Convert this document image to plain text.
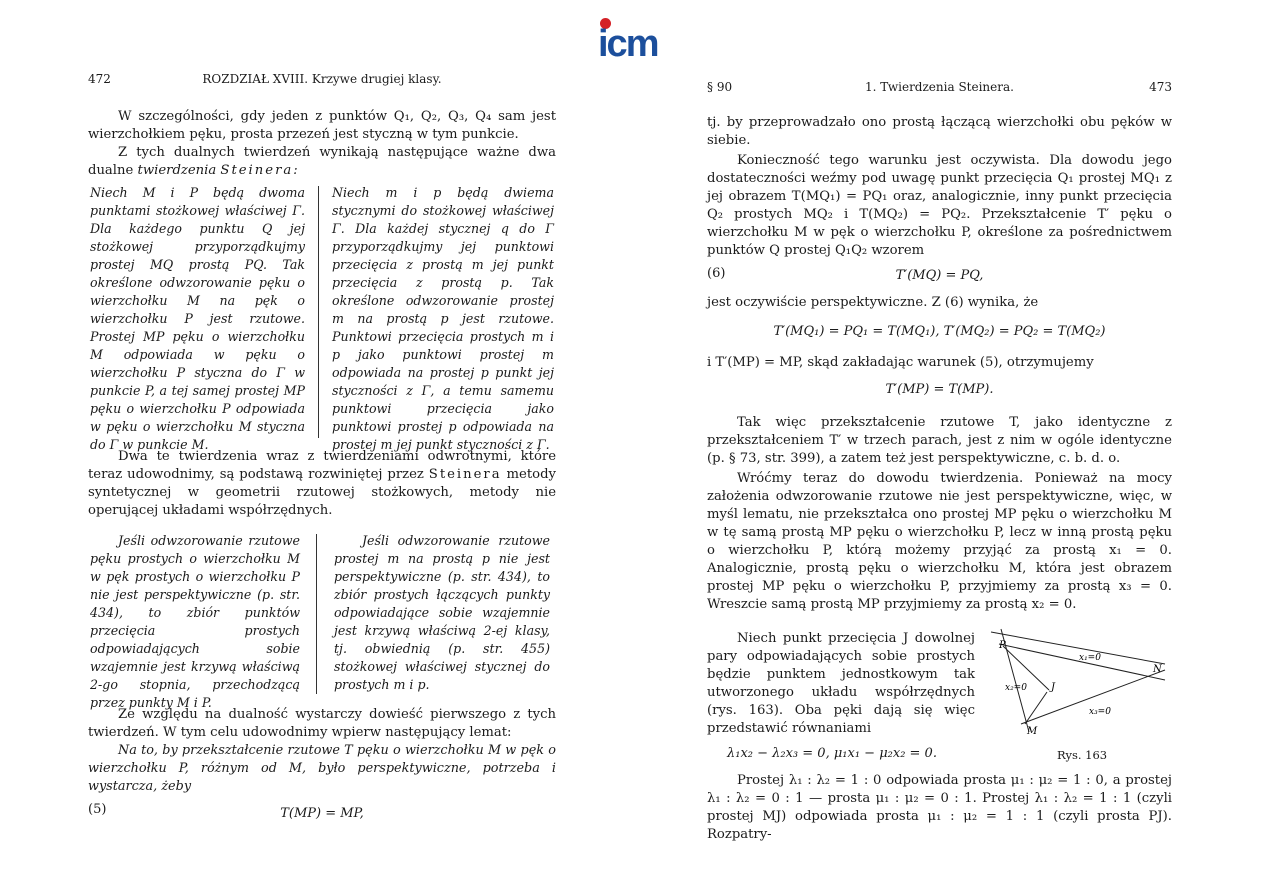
icm
472	ROZDZIAŁ XVIII. Krzywe drugiej klasy.
W szczególności, gdy jeden z punktów Q₁, Q₂, Q₃, Q₄ sam jest wierzchołkiem pęku, prosta przezeń jest styczną w tym punkcie.
Z tych dualnych twierdzeń wynikają następujące ważne dwa dualne twierdzenia Steinera:
Niech M i P będą dwoma punktami stożkowej właściwej Γ. Dla każdego punktu Q jej stożkowej przyporządkujmy prostej MQ prostą PQ. Tak określone odwzorowanie pęku o wierzchołku M na pęk o wierzchołku P jest rzutowe. Prostej MP pęku o wierzchołku M odpowiada w pęku o wierzchołku P styczna do Γ w punkcie P, a tej samej prostej MP pęku o wierzchołku P odpowiada w pęku o wierzchołku M styczna do Γ w punkcie M.
Niech m i p będą dwiema stycznymi do stożkowej właściwej Γ. Dla każdej stycznej q do Γ przyporządkujmy jej punktowi przecięcia z prostą m jej punkt przecięcia z prostą p. Tak określone odwzorowanie prostej m na prostą p jest rzutowe. Punktowi przecięcia prostych m i p jako punktowi prostej m odpowiada na prostej p punkt jej styczności z Γ, a temu samemu punktowi przecięcia jako punktowi prostej p odpowiada na prostej m jej punkt styczności z Γ.
Dwa te twierdzenia wraz z twierdzeniami odwrotnymi, które teraz udowodnimy, są podstawą rozwiniętej przez Steinera metody syntetycznej w geometrii rzutowej stożkowych, metody nie operującej układami współrzędnych.
Jeśli odwzorowanie rzutowe pęku prostych o wierzchołku M w pęk prostych o wierzchołku P nie jest perspektywiczne (p. str. 434), to zbiór punktów przecięcia prostych odpowiadających sobie wzajemnie jest krzywą właściwą 2-go stopnia, przechodzącą przez punkty M i P.
Jeśli odwzorowanie rzutowe prostej m na prostą p nie jest perspektywiczne (p. str. 434), to zbiór prostych łączących punkty odpowiadające sobie wzajemnie jest krzywą właściwą 2-ej klasy, tj. obwiednią (p. str. 455) stożkowej właściwej stycznej do prostych m i p.
Ze względu na dualność wystarczy dowieść pierwszego z tych twierdzeń. W tym celu udowodnimy wpierw następujący lemat:
Na to, by przekształcenie rzutowe T pęku o wierzchołku M w pęk o wierzchołku P, różnym od M, było perspektywiczne, potrzeba i wystarcza, żeby
(5)	T(MP) = MP,
§ 90	1. Twierdzenia Steinera.	473
tj. by przeprowadzało ono prostą łączącą wierzchołki obu pęków w siebie.
Konieczność tego warunku jest oczywista. Dla dowodu jego dostateczności weźmy pod uwagę punkt przecięcia Q₁ prostej MQ₁ z jej obrazem T(MQ₁) = PQ₁ oraz, analogicznie, inny punkt przecięcia Q₂ prostych MQ₂ i T(MQ₂) = PQ₂. Przekształcenie T′ pęku o wierzchołku M w pęk o wierzchołku P, określone za pośrednictwem punktów Q prostej Q₁Q₂ wzorem
(6)	T′(MQ) = PQ,
jest oczywiście perspektywiczne. Z (6) wynika, że
T′(MQ₁) = PQ₁ = T(MQ₁), T′(MQ₂) = PQ₂ = T(MQ₂)
i T′(MP) = MP, skąd zakładając warunek (5), otrzymujemy
T′(MP) = T(MP).
Tak więc przekształcenie rzutowe T, jako identyczne z przekształceniem T′ w trzech parach, jest z nim w ogóle identyczne (p. § 73, str. 399), a zatem też jest perspektywiczne, c. b. d. o.
Wróćmy teraz do dowodu twierdzenia. Ponieważ na mocy założenia odwzorowanie rzutowe nie jest perspektywiczne, więc, w myśl lematu, nie przekształca ono prostej MP pęku o wierzchołku M w tę samą prostą MP pęku o wierzchołku P, lecz w inną prostą pęku o wierzchołku P, którą możemy przyjąć za prostą x₁ = 0. Analogicznie, prostą pęku o wierzchołku M, która jest obrazem prostej MP pęku o wierzchołku P, przyjmiemy za prostą x₃ = 0. Wreszcie samą prostą MP przyjmiemy za prostą x₂ = 0.
Niech punkt przecięcia J dowolnej pary odpowiadających sobie prostych będzie punktem jednostkowym tak utworzonego układu współrzędnych (rys. 163). Oba pęki dają się więc przedstawić równaniami
λ₁x₂ − λ₂x₃ = 0, μ₁x₁ − μ₂x₂ = 0.
P
N
J
M
x₁=0
x₂=0
x₃=0
Rys. 163
Prostej λ₁ : λ₂ = 1 : 0 odpowiada prosta μ₁ : μ₂ = 1 : 0, a prostej λ₁ : λ₂ = 0 : 1 — prosta μ₁ : μ₂ = 0 : 1. Prostej λ₁ : λ₂ = 1 : 1 (czyli prostej MJ) odpowiada prosta μ₁ : μ₂ = 1 : 1 (czyli prosta PJ). Rozpatry-
